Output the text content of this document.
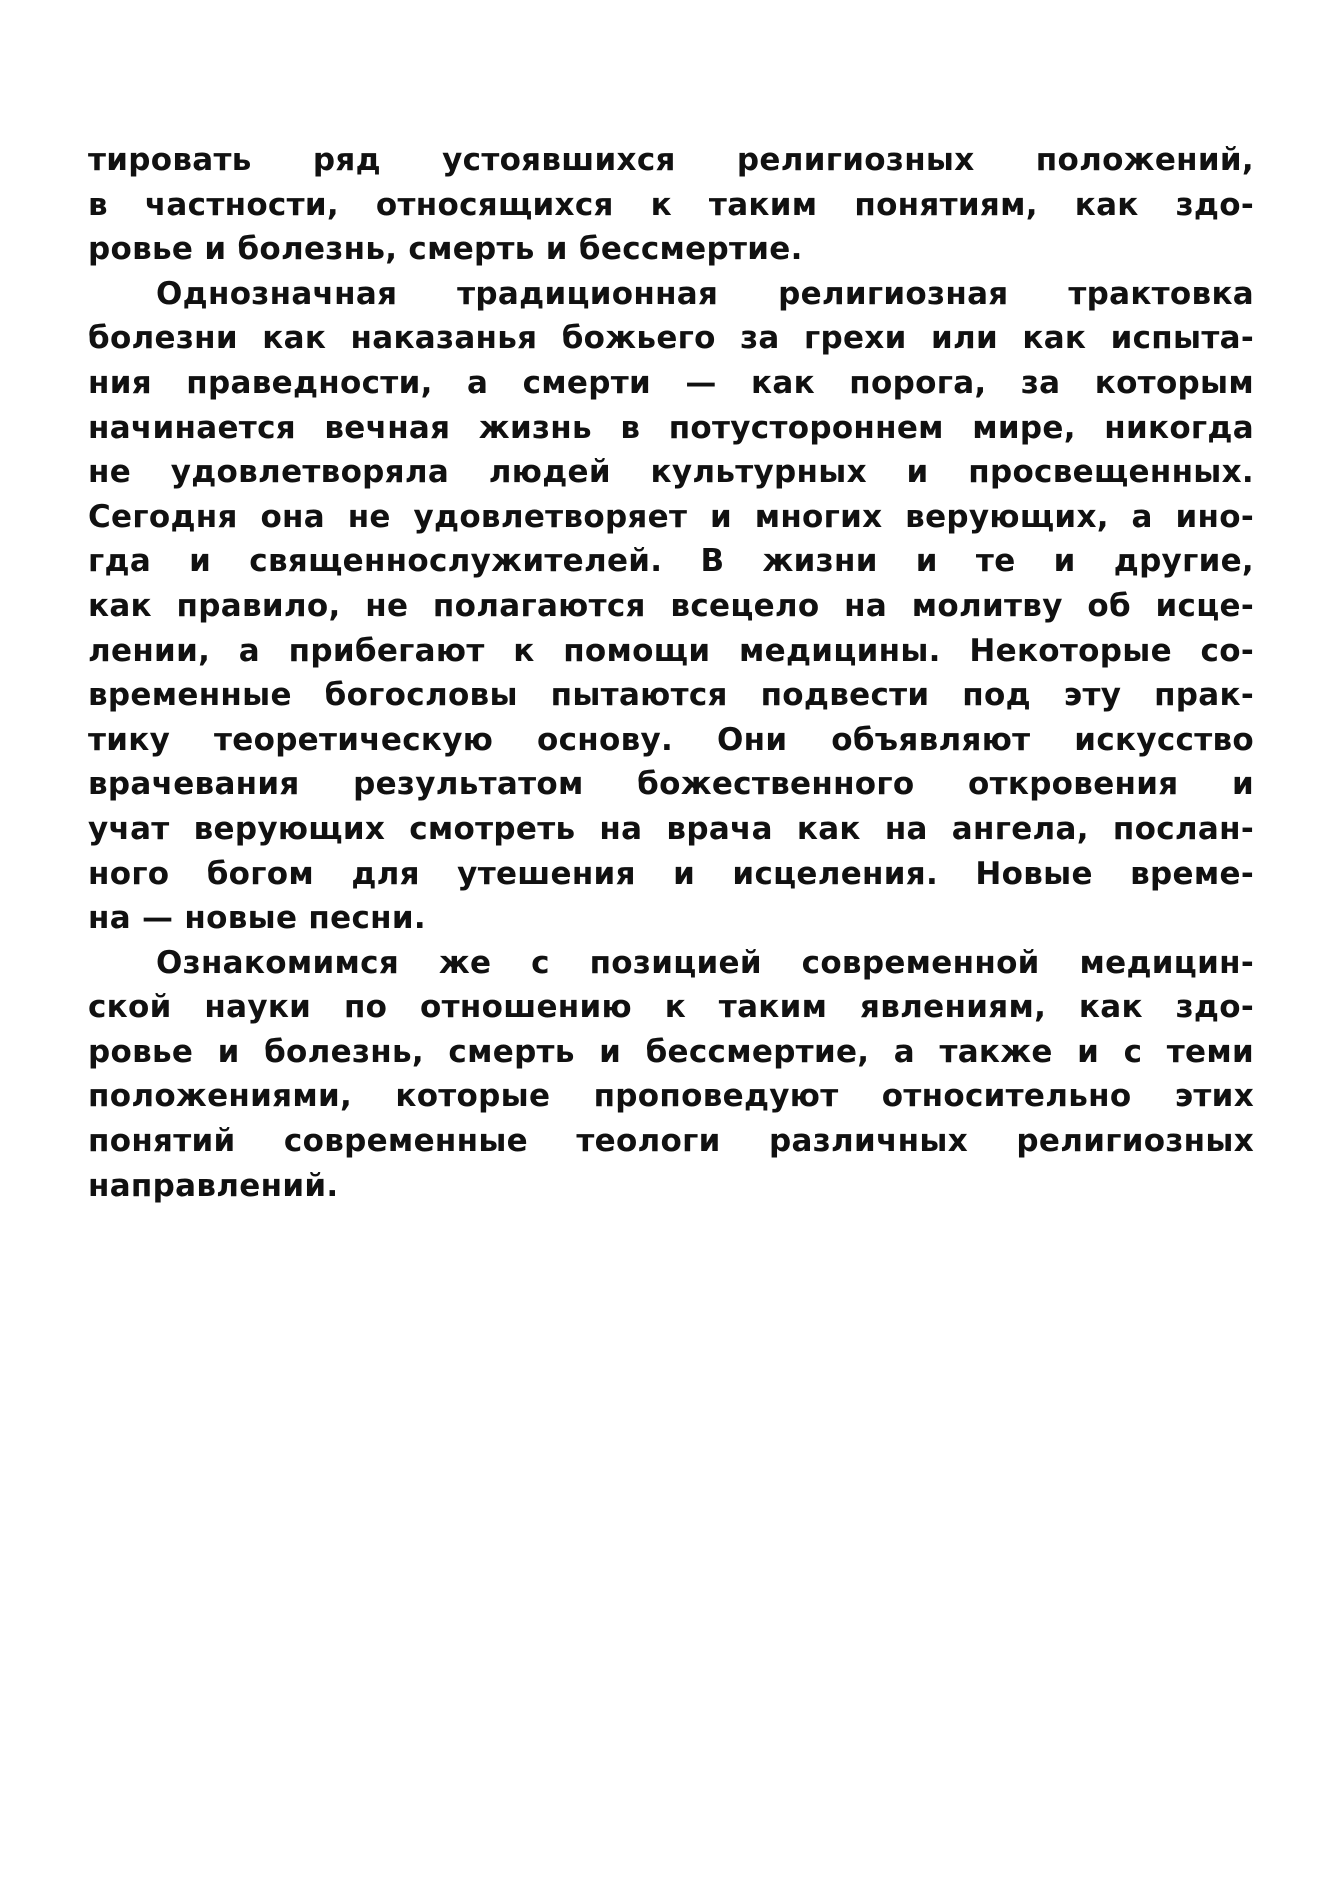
тировать ряд устоявшихся религиозных положений,
в частности, относящихся к таким понятиям, как здо-
ровье и болезнь, смерть и бессмертие.
Однозначная традиционная религиозная трактовка
болезни как наказанья божьего за грехи или как испыта-
ния праведности, а смерти — как порога, за которым
начинается вечная жизнь в потустороннем мире, никогда
не удовлетворяла людей культурных и просвещенных.
Сегодня она не удовлетворяет и многих верующих, а ино-
гда и священнослужителей. В жизни и те и другие,
как правило, не полагаются всецело на молитву об исце-
лении, а прибегают к помощи медицины. Некоторые со-
временные богословы пытаются подвести под эту прак-
тику теоретическую основу. Они объявляют искусство
врачевания результатом божественного откровения и
учат верующих смотреть на врача как на ангела, послан-
ного богом для утешения и исцеления. Новые време-
на — новые песни.
Ознакомимся же с позицией современной медицин-
ской науки по отношению к таким явлениям, как здо-
ровье и болезнь, смерть и бессмертие, а также и с теми
положениями, которые проповедуют относительно этих
понятий современные теологи различных религиозных
направлений.
